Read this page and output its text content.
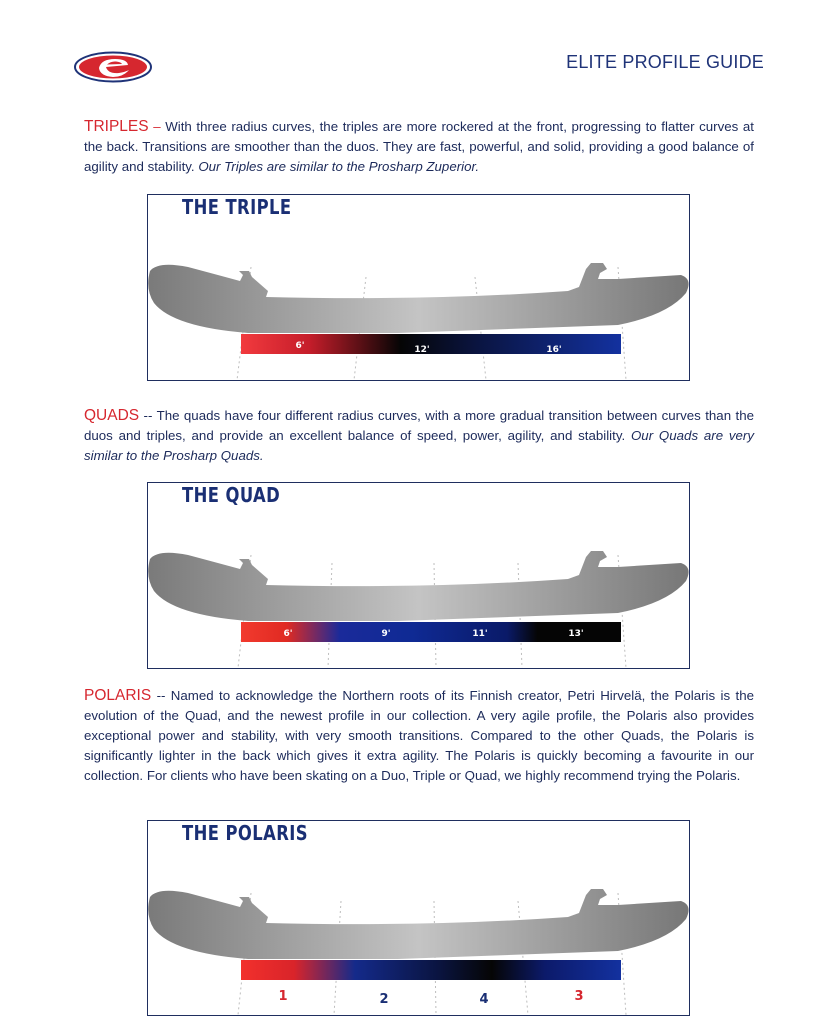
ELITE PROFILE GUIDE
TRIPLES – With three radius curves, the triples are more rockered at the front, progressing to flatter curves at the back. Transitions are smoother than the duos. They are fast, powerful, and solid, providing a good balance of agility and stability. Our Triples are similar to the Prosharp Zuperior.
THE TRIPLE
6'	12'	16'
QUADS -- The quads have four different radius curves, with a more gradual transition between curves than the duos and triples, and provide an excellent balance of speed, power, agility, and stability. Our Quads are very similar to the Prosharp Quads.
THE QUAD
6'	9'	11'	13'
POLARIS -- Named to acknowledge the Northern roots of its Finnish creator, Petri Hirvelä, the Polaris is the evolution of the Quad, and the newest profile in our collection. A very agile profile, the Polaris also provides exceptional power and stability, with very smooth transitions. Compared to the other Quads, the Polaris is significantly lighter in the back which gives it extra agility. The Polaris is quickly becoming a favourite in our collection. For clients who have been skating on a Duo, Triple or Quad, we highly recommend trying the Polaris.
THE POLARIS
1	2	4	3
